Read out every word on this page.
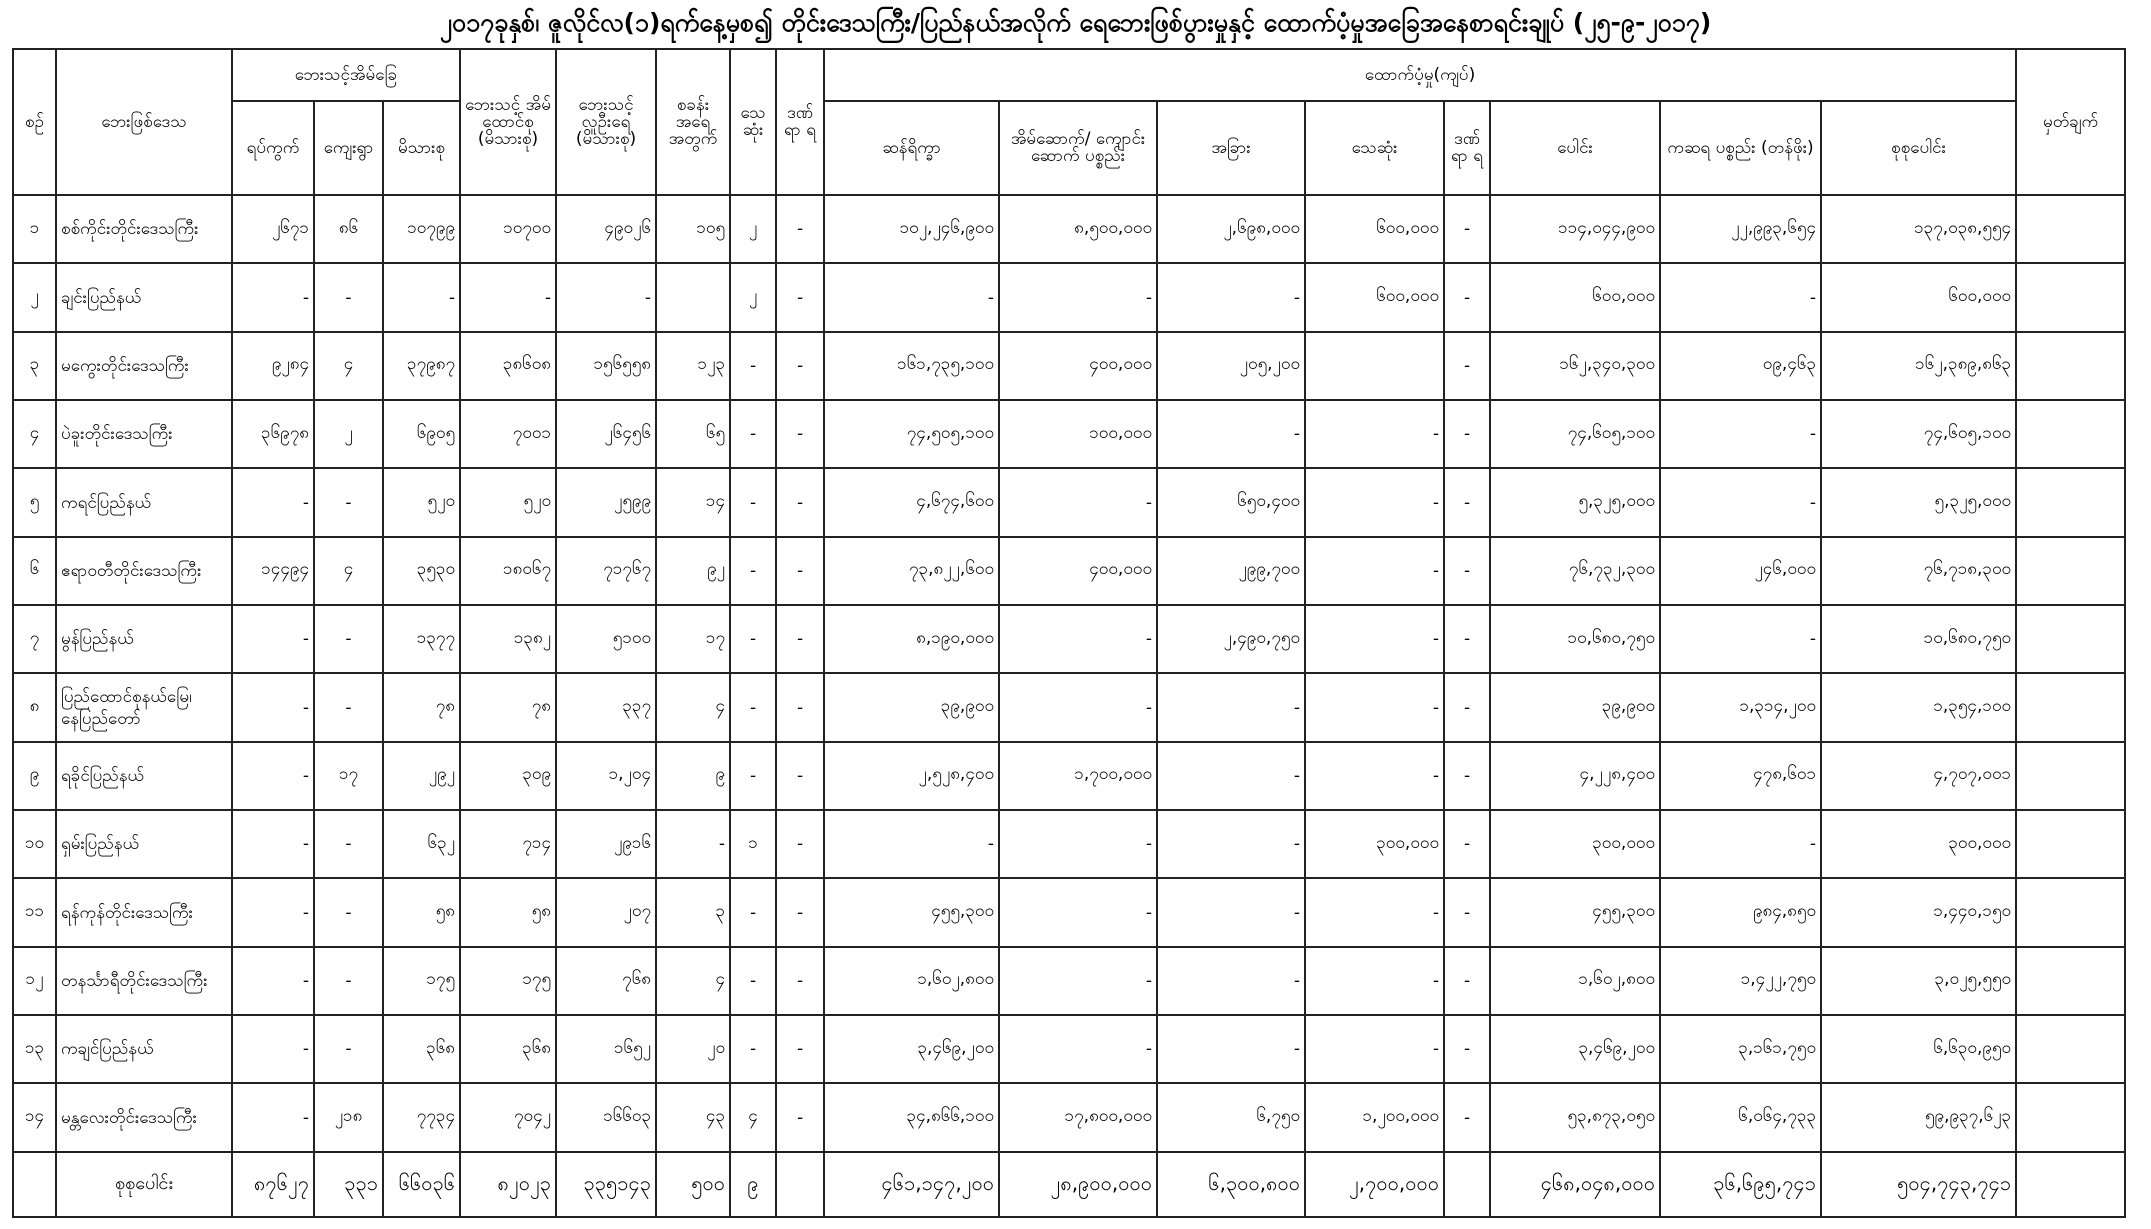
၂၀၁၇ခုနှစ်၊ ဇူလိုင်လ(၁)ရက်နေ့မှစ၍ တိုင်းဒေသကြီး/ပြည်နယ်အလိုက် ရေဘေးဖြစ်ပွားမှုနှင့် ထောက်ပံ့မှုအခြေအနေစာရင်းချုပ် (၂၅-၉-၂၀၁၇)
စဥ်	ဘေးဖြစ်ဒေသ	ဘေးသင့်အိမ်ခြေ			ဘေးသင့် အိမ် ထောင်စု (မိသားစု)	ဘေးသင့် လူဦးရေ (မိသားစု)	စခန်း အရေ အတွက်	သေ ဆုံး	ဒဏ် ရာ ရ	ထောက်ပံ့မှု(ကျပ်)								မှတ်ချက်
		ရပ်ကွက်	ကျေးရွာ	မိသားစု						ဆန်ရိက္ခာ	အိမ်ဆောက်/ ကျောင်းဆောက် ပစ္စည်း	အခြား	သေဆုံး	ဒဏ် ရာ ရ	ပေါင်း	ကဆရ ပစ္စည်း (တန်ဖိုး)	စုစုပေါင်း	
၁	စစ်ကိုင်းတိုင်းဒေသကြီး	၂၆၇၁	၈၆	၁၀၇၉၉	၁၀၇၀၀	၄၉၀၂၆	၁၀၅	၂	-	၁၀၂,၂၄၆,၉၀၀	၈,၅၀၀,၀၀၀	၂,၆၉၈,၀၀၀	၆၀၀,၀၀၀	-	၁၁၄,၀၄၄,၉၀၀	၂၂,၉၉၃,၆၅၄	၁၃၇,၀၃၈,၅၅၄	
၂	ချင်းပြည်နယ်	-	-	-	-	-		၂	-	-	-	-	၆၀၀,၀၀၀	-	၆၀၀,၀၀၀	-	၆၀၀,၀၀၀	
၃	မကွေးတိုင်းဒေသကြီး	၉၂၈၄	၄	၃၇၉၈၇	၃၈၆၀၈	၁၅၆၅၅၈	၁၂၃	-	-	၁၆၁,၇၃၅,၁၀၀	၄၀၀,၀၀၀	၂၀၅,၂၀၀		-	၁၆၂,၃၄၀,၃၀၀	၀၉,၄၆၃	၁၆၂,၃၈၉,၈၆၃	
၄	ပဲခူးတိုင်းဒေသကြီး	၃၆၉၇၈	၂	၆၉၀၅	၇၀၀၁	၂၆၄၅၆	၆၅	-	-	၇၄,၅၀၅,၁၀၀	၁၀၀,၀၀၀	-	-	-	၇၄,၆၀၅,၁၀၀	-	၇၄,၆၀၅,၁၀၀	
၅	ကရင်ပြည်နယ်	-	-	၅၂၀	၅၂၀	၂၅၉၉	၁၄	-	-	၄,၆၇၄,၆၀၀	-	၆၅၀,၄၀၀	-	-	၅,၃၂၅,၀၀၀	-	၅,၃၂၅,၀၀၀	
၆	ဧရာဝတီတိုင်းဒေသကြီး	၁၄၄၉၄	၄	၃၅၃၀	၁၈၀၆၇	၇၁၇၆၇	၉၂	-	-	၇၃,၈၂၂,၆၀၀	၄၀၀,၀၀၀	၂၉၉,၇၀၀	-	-	၇၆,၇၃၂,၃၀၀	၂၄၆,၀၀၀	၇၆,၇၁၈,၃၀၀	
၇	မွန်ပြည်နယ်	-	-	၁၃၇၇	၁၃၈၂	၅၁၀၀	၁၇	-	-	၈,၁၉၀,၀၀၀	-	၂,၄၉၀,၇၅၀	-	-	၁၀,၆၈၀,၇၅၀	-	၁၀,၆၈၀,၇၅၀	
၈	ပြည်ထောင်စုနယ်မြေ၊ နေပြည်တော်	-	-	၇၈	၇၈	၃၃၇	၄	-	-	၃၉,၉၀၀	-	-	-	-	၃၉,၉၀၀	၁,၃၁၄,၂၀၀	၁,၃၅၄,၁၀၀	
၉	ရခိုင်ပြည်နယ်	-	၁၇	၂၉၂	၃၀၉	၁,၂၀၄	၉	-	-	၂,၅၂၈,၄၀၀	၁,၇၀၀,၀၀၀	-	-	-	၄,၂၂၈,၄၀၀	၄၇၈,၆၀၁	၄,၇၀၇,၀၀၁	
၁၀	ရှမ်းပြည်နယ်	-	-	၆၃၂	၇၁၄	၂၉၁၆	-	၁	-	-	-	-	၃၀၀,၀၀၀	-	၃၀၀,၀၀၀	-	၃၀၀,၀၀၀	
၁၁	ရန်ကုန်တိုင်းဒေသကြီး	-	-	၅၈	၅၈	၂၀၇	၃	-	-	၄၅၅,၃၀၀	-	-	-	-	၄၅၅,၃၀၀	၉၈၄,၈၅၀	၁,၄၄၀,၁၅၀	
၁၂	တနင်္သာရီတိုင်းဒေသကြီး	-	-	၁၇၅	၁၇၅	၇၆၈	၄	-	-	၁,၆၀၂,၈၀၀	-	-	-	-	၁,၆၀၂,၈၀၀	၁,၄၂၂,၇၅၀	၃,၀၂၅,၅၅၀	
၁၃	ကချင်ပြည်နယ်	-	-	၃၆၈	၃၆၈	၁၆၅၂	၂၀	-	-	၃,၄၆၉,၂၀၀	-	-	-	-	၃,၄၆၉,၂၀၀	၃,၁၆၁,၇၅၀	၆,၆၃၀,၉၅၀	
၁၄	မန္တလေးတိုင်းဒေသကြီး	-	၂၁၈	၇၇၃၄	၇၀၄၂	၁၆၆၀၃	၄၃	၄	-	၃၄,၈၆၆,၁၀၀	၁၇,၈၀၀,၀၀၀	၆,၇၅၀	၁,၂၀၀,၀၀၀	-	၅၃,၈၇၃,၀၅၀	၆,၀၆၄,၇၃၃	၅၉,၉၃၇,၆၂၃	
	စုစုပေါင်း	၈၇၆၂၇	၃၃၁	၆၆၀၃၆	၈၂၀၂၃	၃၃၅၁၄၃	၅၀၀	၉		၄၆၁,၁၄၇,၂၀၀	၂၈,၉၀၀,၀၀၀	၆,၃၀၀,၈၀၀	၂,၇၀၀,၀၀၀		၄၆၈,၀၄၈,၀၀၀	၃၆,၆၉၅,၇၄၁	၅၀၄,၇၄၃,၇၄၁	
